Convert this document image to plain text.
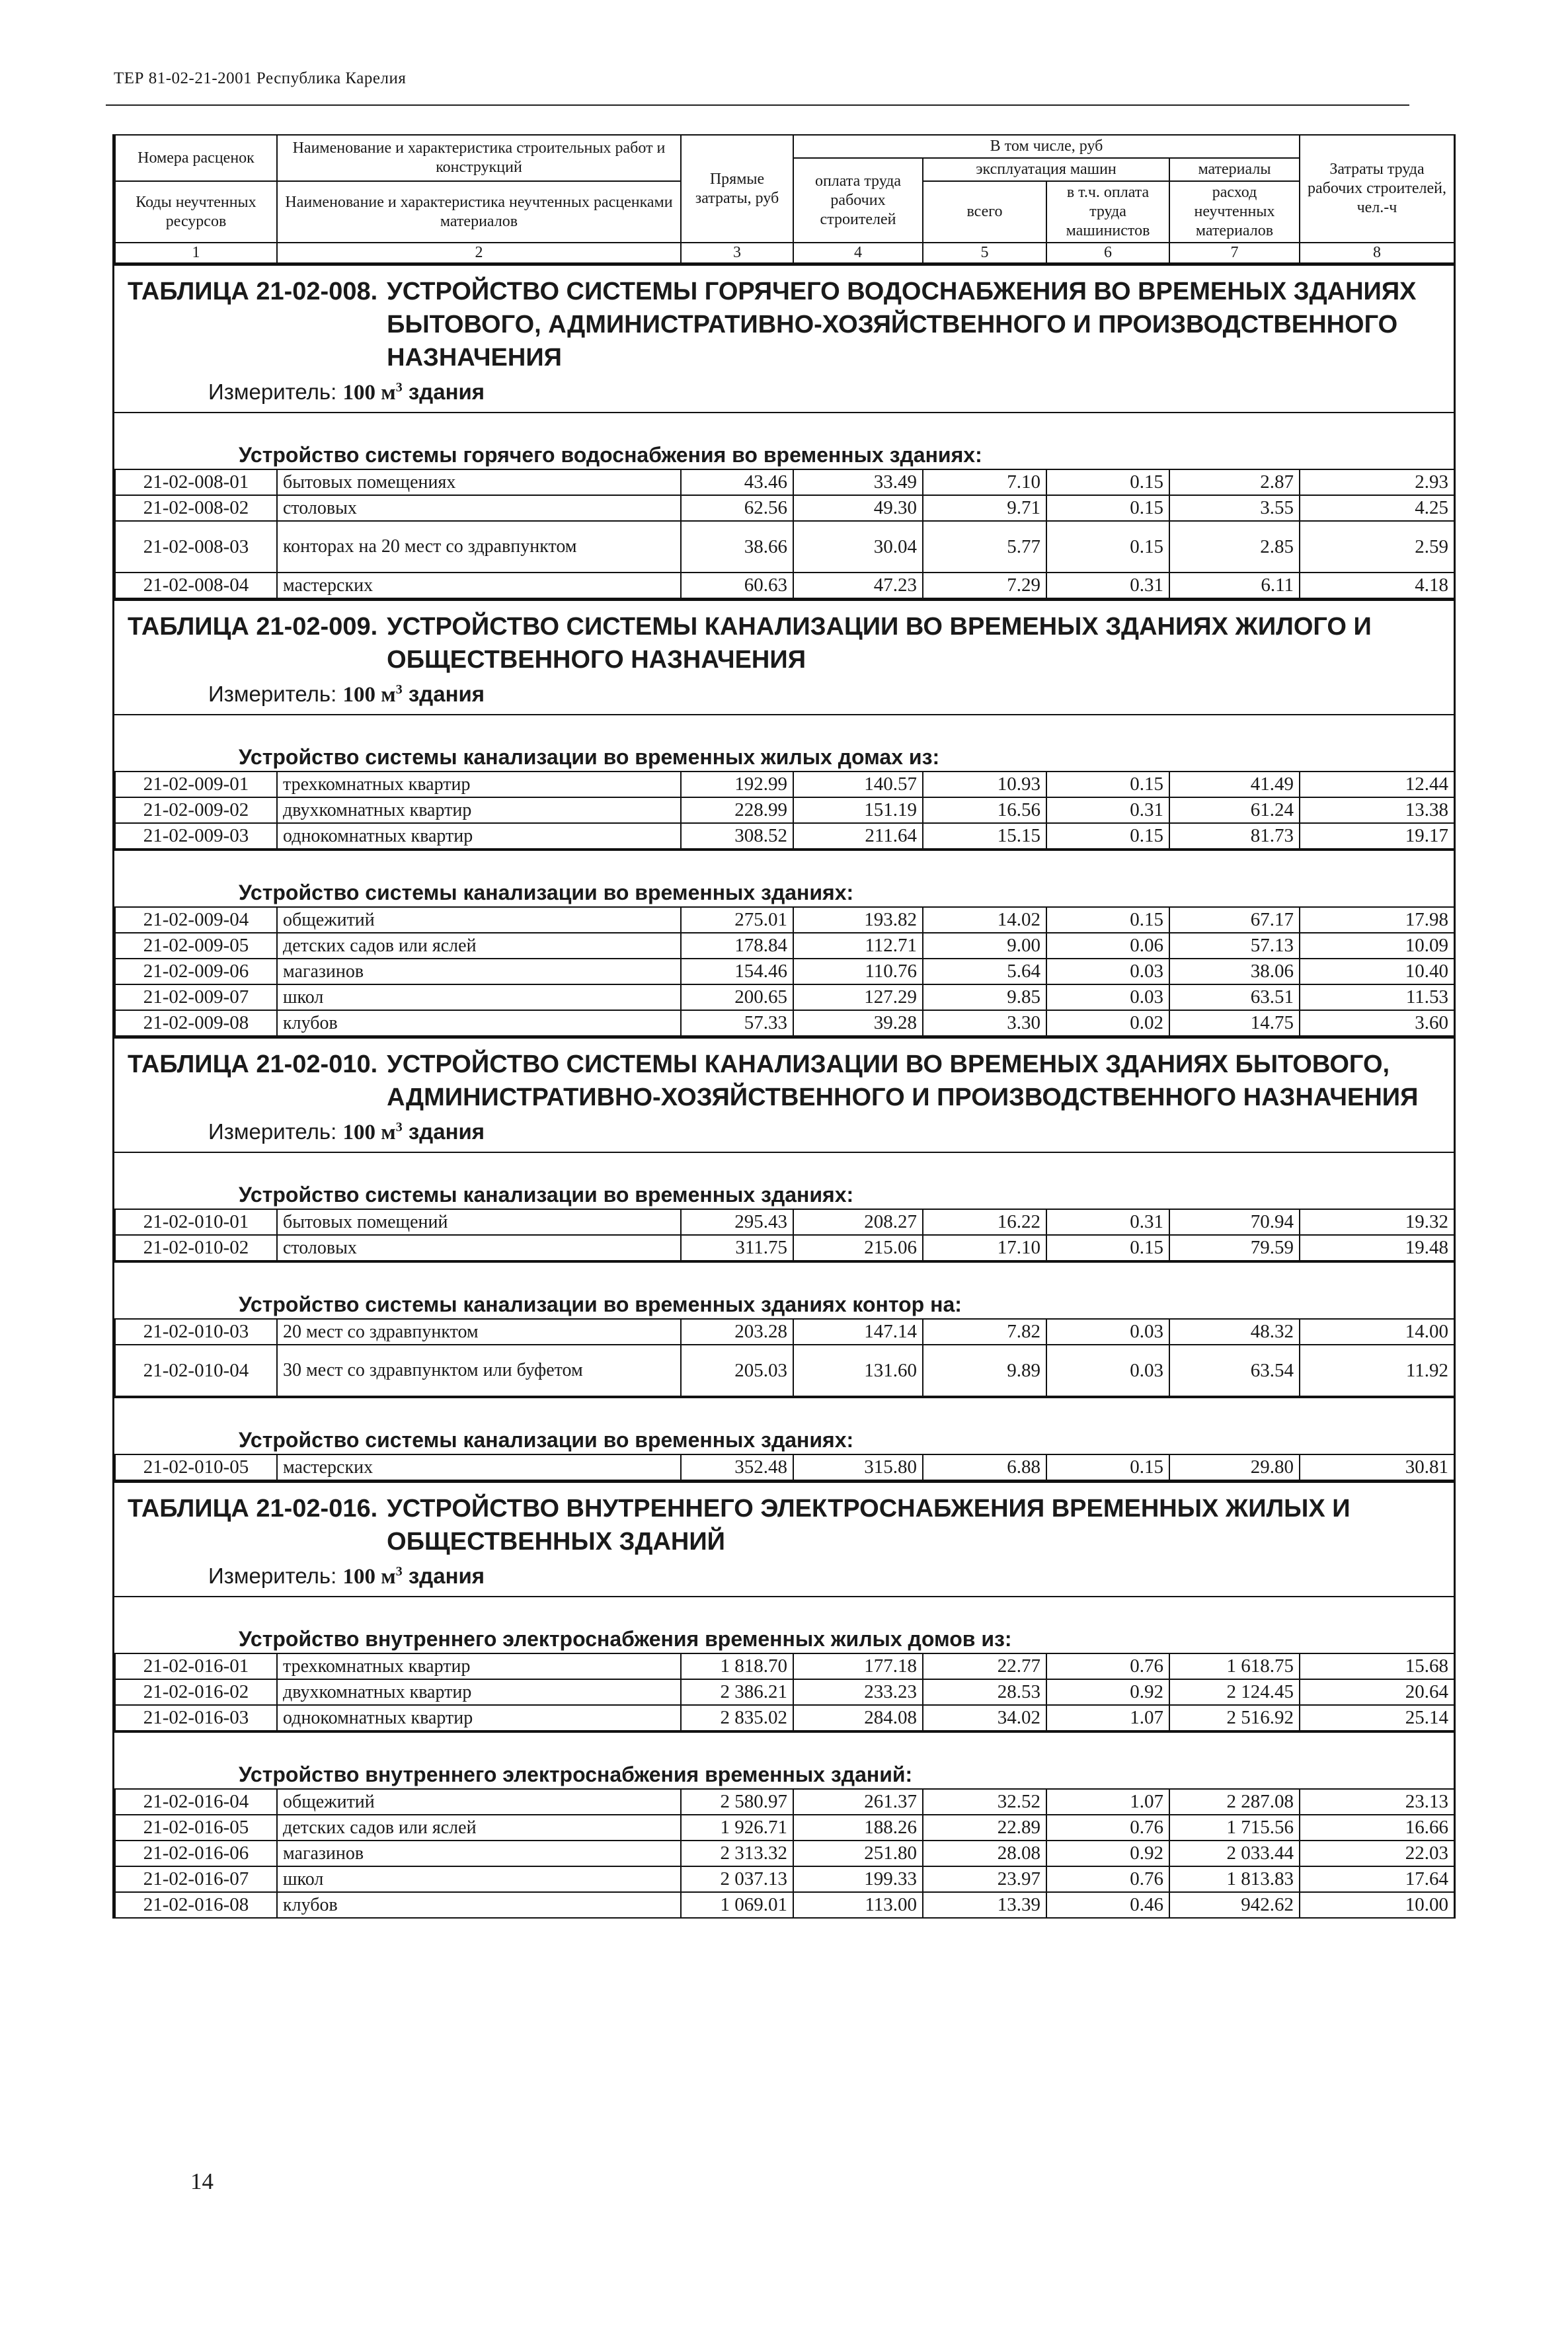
ТЕР 81-02-21-2001 Республика Карелия
Номера расценок	Наименование и характеристика строительных работ и конструкций	Прямые затраты, руб	В том числе, руб				Затраты труда рабочих строителей, чел.-ч
			оплата труда рабочих строителей	эксплуатация машин		материалы	
Коды неучтенных ресурсов	Наименование и характеристика неучтенных расценками материалов			всего	в т.ч. оплата труда машинистов	расход неучтенных материалов	

1	2	3	4	5	6	7	8
ТАБЛИЦА 21-02-008. УСТРОЙСТВО СИСТЕМЫ ГОРЯЧЕГО ВОДОСНАБЖЕНИЯ ВО ВРЕМЕНЫХ ЗДАНИЯХ БЫТОВОГО, АДМИНИСТРАТИВНО-ХОЗЯЙСТВЕННОГО И ПРОИЗВОДСТВЕННОГО НАЗНАЧЕНИЯ
Измеритель: 100 $м^3$ здания
Устройство системы горячего водоснабжения во временных зданиях:
21-02-008-01	бытовых помещениях	43.46	33.49	7.10	0.15	2.87	2.93
21-02-008-02	столовых	62.56	49.30	9.71	0.15	3.55	4.25
21-02-008-03	конторах на 20 мест со здравпунктом	38.66	30.04	5.77	0.15	2.85	2.59
21-02-008-04	мастерских	60.63	47.23	7.29	0.31	6.11	4.18
ТАБЛИЦА 21-02-009. УСТРОЙСТВО СИСТЕМЫ КАНАЛИЗАЦИИ ВО ВРЕМЕНЫХ ЗДАНИЯХ ЖИЛОГО И ОБЩЕСТВЕННОГО НАЗНАЧЕНИЯ
Измеритель: 100 $м^3$ здания
Устройство системы канализации во временных жилых домах из:
21-02-009-01	трехкомнатных квартир	192.99	140.57	10.93	0.15	41.49	12.44
21-02-009-02	двухкомнатных квартир	228.99	151.19	16.56	0.31	61.24	13.38
21-02-009-03	однокомнатных квартир	308.52	211.64	15.15	0.15	81.73	19.17
Устройство системы канализации во временных зданиях:
21-02-009-04	общежитий	275.01	193.82	14.02	0.15	67.17	17.98
21-02-009-05	детских садов или яслей	178.84	112.71	9.00	0.06	57.13	10.09
21-02-009-06	магазинов	154.46	110.76	5.64	0.03	38.06	10.40
21-02-009-07	школ	200.65	127.29	9.85	0.03	63.51	11.53
21-02-009-08	клубов	57.33	39.28	3.30	0.02	14.75	3.60
ТАБЛИЦА 21-02-010. УСТРОЙСТВО СИСТЕМЫ КАНАЛИЗАЦИИ ВО ВРЕМЕНЫХ ЗДАНИЯХ БЫТОВОГО, АДМИНИСТРАТИВНО-ХОЗЯЙСТВЕННОГО И ПРОИЗВОДСТВЕННОГО НАЗНАЧЕНИЯ
Измеритель: 100 $м^3$ здания
Устройство системы канализации во временных зданиях:
21-02-010-01	бытовых помещений	295.43	208.27	16.22	0.31	70.94	19.32
21-02-010-02	столовых	311.75	215.06	17.10	0.15	79.59	19.48
Устройство системы канализации во временных зданиях контор на:
21-02-010-03	20 мест со здравпунктом	203.28	147.14	7.82	0.03	48.32	14.00
21-02-010-04	30 мест со здравпунктом или буфетом	205.03	131.60	9.89	0.03	63.54	11.92
Устройство системы канализации во временных зданиях:
21-02-010-05	мастерских	352.48	315.80	6.88	0.15	29.80	30.81
ТАБЛИЦА 21-02-016. УСТРОЙСТВО ВНУТРЕННЕГО ЭЛЕКТРОСНАБЖЕНИЯ ВРЕМЕННЫХ ЖИЛЫХ И ОБЩЕСТВЕННЫХ ЗДАНИЙ
Измеритель: 100 $м^3$ здания
Устройство внутреннего электроснабжения временных жилых домов из:
21-02-016-01	трехкомнатных квартир	1 818.70	177.18	22.77	0.76	1 618.75	15.68
21-02-016-02	двухкомнатных квартир	2 386.21	233.23	28.53	0.92	2 124.45	20.64
21-02-016-03	однокомнатных квартир	2 835.02	284.08	34.02	1.07	2 516.92	25.14
Устройство внутреннего электроснабжения временных зданий:
21-02-016-04	общежитий	2 580.97	261.37	32.52	1.07	2 287.08	23.13
21-02-016-05	детских садов или яслей	1 926.71	188.26	22.89	0.76	1 715.56	16.66
21-02-016-06	магазинов	2 313.32	251.80	28.08	0.92	2 033.44	22.03
21-02-016-07	школ	2 037.13	199.33	23.97	0.76	1 813.83	17.64
21-02-016-08	клубов	1 069.01	113.00	13.39	0.46	942.62	10.00
14
